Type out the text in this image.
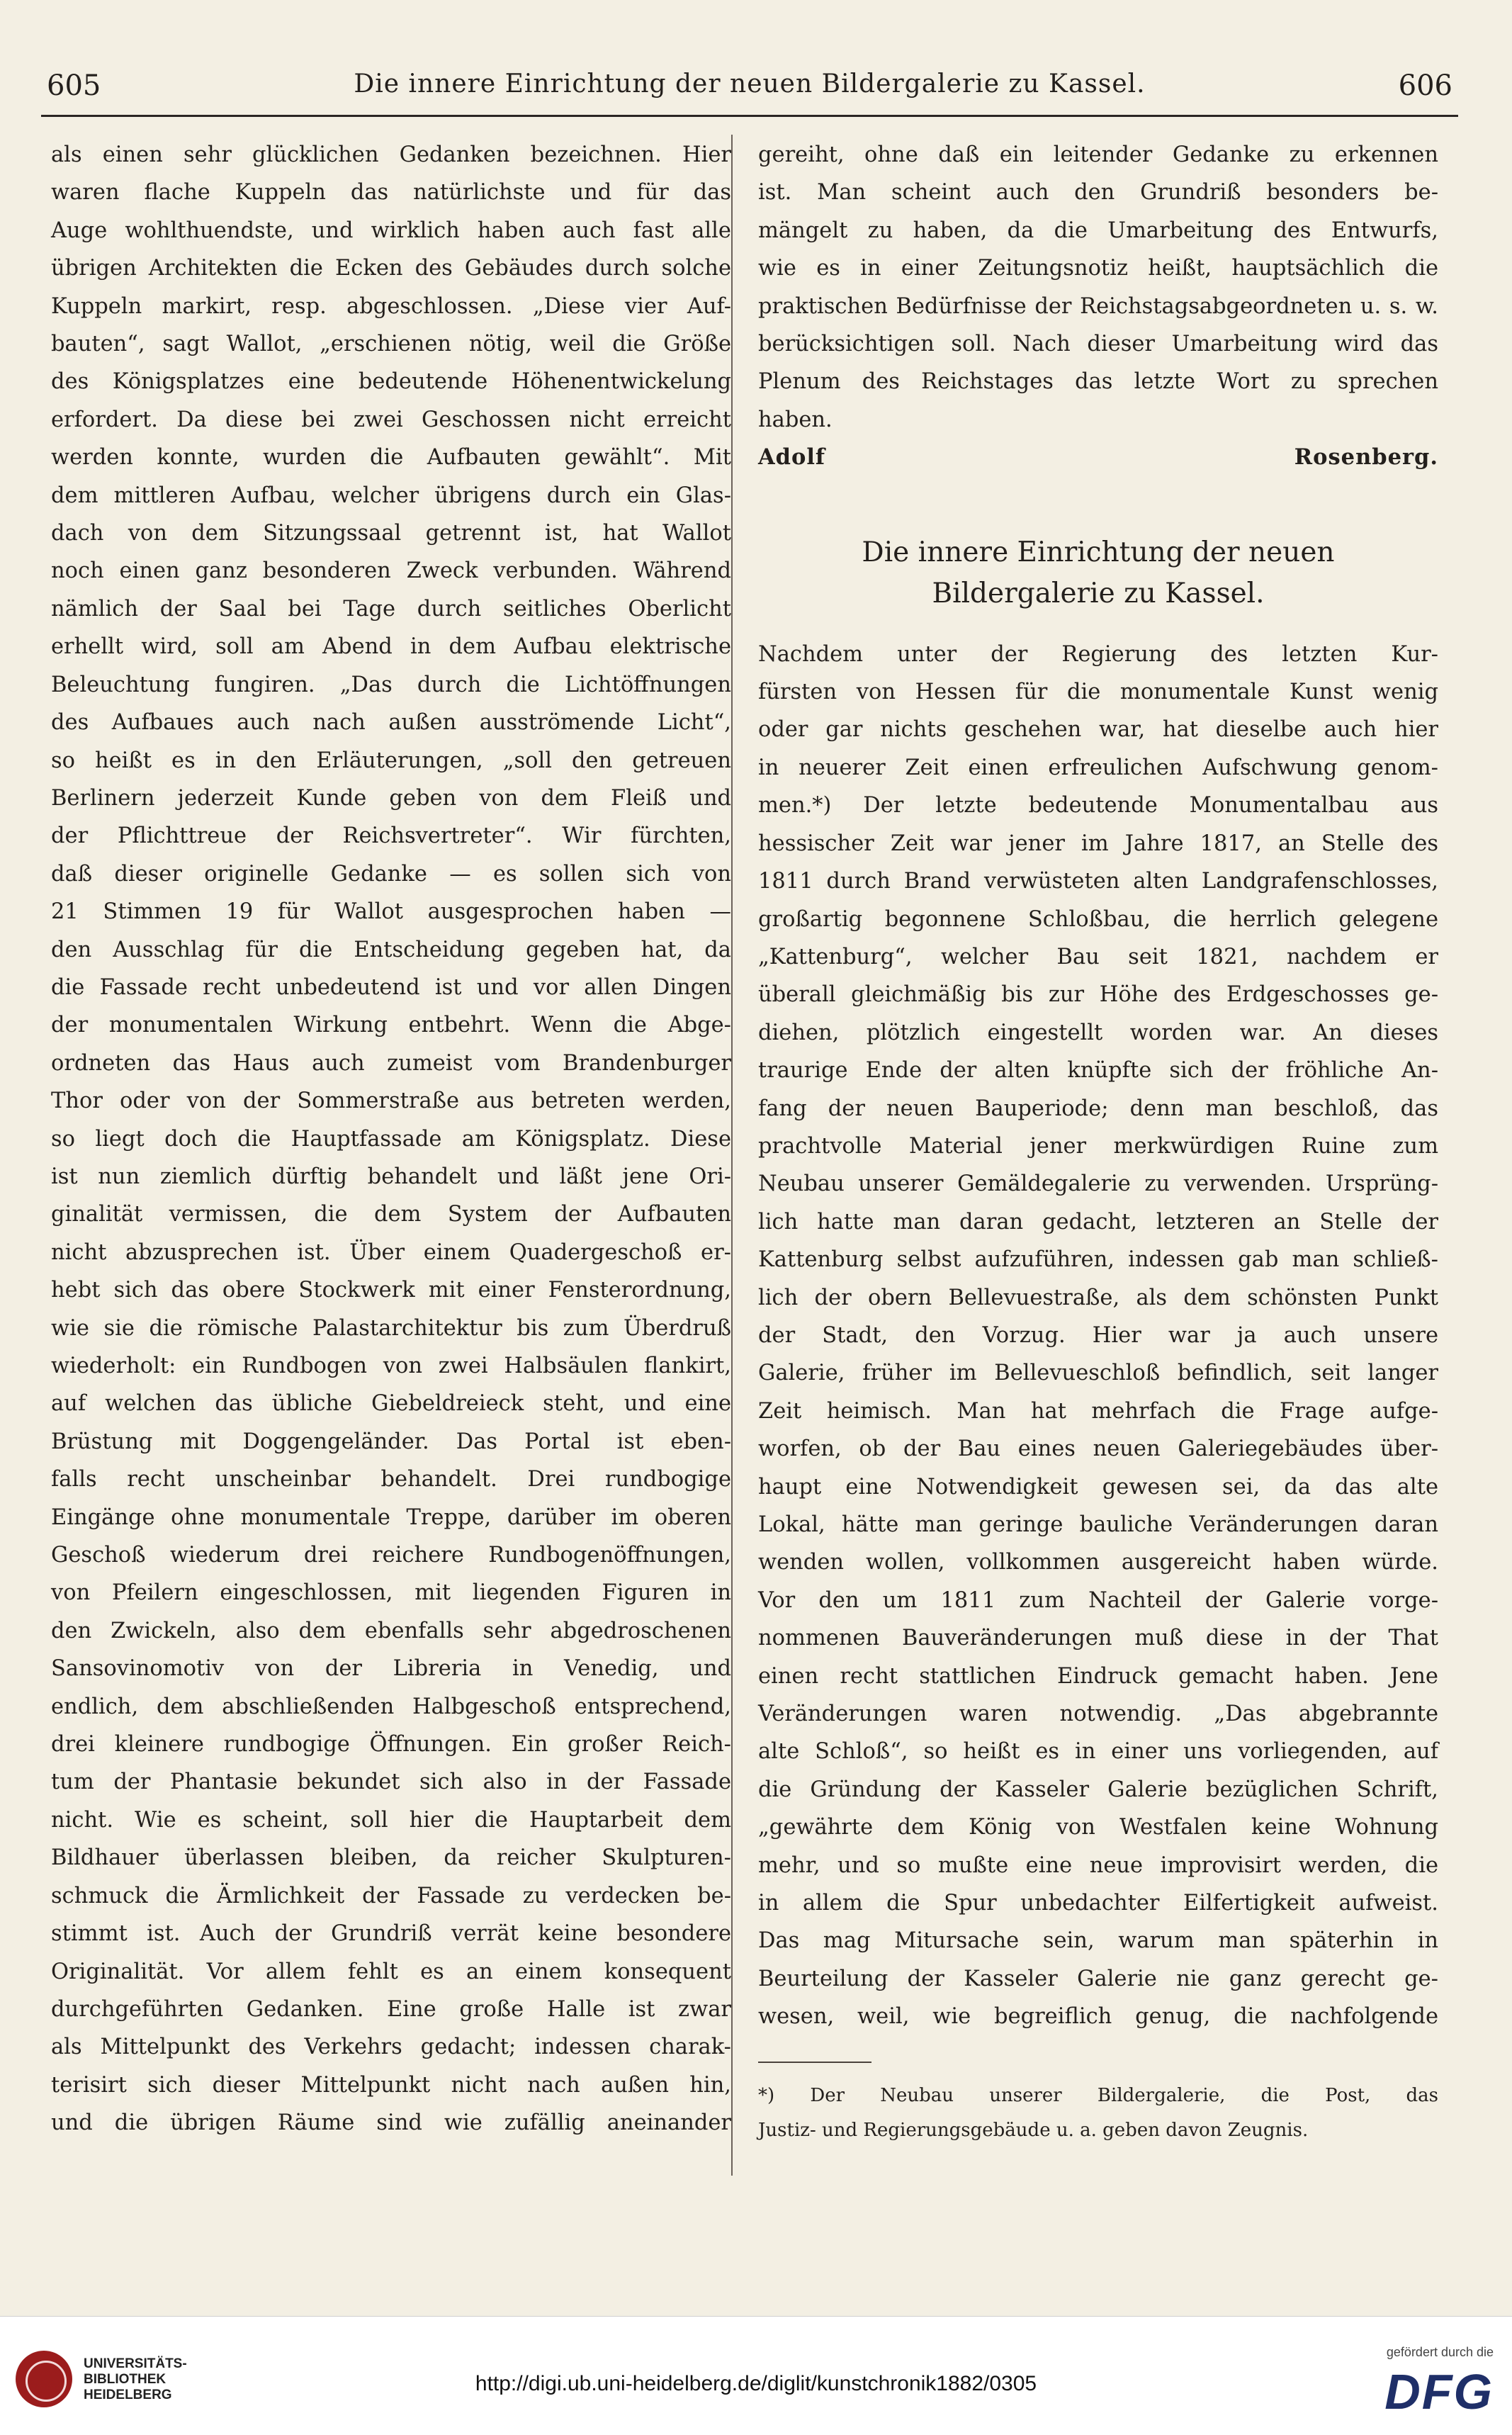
605	Die innere Einrichtung der neuen Bildergalerie zu Kassel.	606
als einen sehr glücklichen Gedanken bezeichnen. Hier
waren flache Kuppeln das natürlichste und für das
Auge wohlthuendste, und wirklich haben auch fast alle
übrigen Architekten die Ecken des Gebäudes durch solche
Kuppeln markirt, resp. abgeschlossen. „Diese vier Auf-
bauten“, sagt Wallot, „erschienen nötig, weil die Größe
des Königsplatzes eine bedeutende Höhenentwickelung
erfordert. Da diese bei zwei Geschossen nicht erreicht
werden konnte, wurden die Aufbauten gewählt“. Mit
dem mittleren Aufbau, welcher übrigens durch ein Glas-
dach von dem Sitzungssaal getrennt ist, hat Wallot
noch einen ganz besonderen Zweck verbunden. Während
nämlich der Saal bei Tage durch seitliches Oberlicht
erhellt wird, soll am Abend in dem Aufbau elektrische
Beleuchtung fungiren. „Das durch die Lichtöffnungen
des Aufbaues auch nach außen ausströmende Licht“,
so heißt es in den Erläuterungen, „soll den getreuen
Berlinern jederzeit Kunde geben von dem Fleiß und
der Pflichttreue der Reichsvertreter“. Wir fürchten,
daß dieser originelle Gedanke — es sollen sich von
21 Stimmen 19 für Wallot ausgesprochen haben —
den Ausschlag für die Entscheidung gegeben hat, da
die Fassade recht unbedeutend ist und vor allen Dingen
der monumentalen Wirkung entbehrt. Wenn die Abge-
ordneten das Haus auch zumeist vom Brandenburger
Thor oder von der Sommerstraße aus betreten werden,
so liegt doch die Hauptfassade am Königsplatz. Diese
ist nun ziemlich dürftig behandelt und läßt jene Ori-
ginalität vermissen, die dem System der Aufbauten
nicht abzusprechen ist. Über einem Quadergeschoß er-
hebt sich das obere Stockwerk mit einer Fensterordnung,
wie sie die römische Palastarchitektur bis zum Überdruß
wiederholt: ein Rundbogen von zwei Halbsäulen flankirt,
auf welchen das übliche Giebeldreieck steht, und eine
Brüstung mit Doggengeländer. Das Portal ist eben-
falls recht unscheinbar behandelt. Drei rundbogige
Eingänge ohne monumentale Treppe, darüber im oberen
Geschoß wiederum drei reichere Rundbogenöffnungen,
von Pfeilern eingeschlossen, mit liegenden Figuren in
den Zwickeln, also dem ebenfalls sehr abgedroschenen
Sansovinomotiv von der Libreria in Venedig, und
endlich, dem abschließenden Halbgeschoß entsprechend,
drei kleinere rundbogige Öffnungen. Ein großer Reich-
tum der Phantasie bekundet sich also in der Fassade
nicht. Wie es scheint, soll hier die Hauptarbeit dem
Bildhauer überlassen bleiben, da reicher Skulpturen-
schmuck die Ärmlichkeit der Fassade zu verdecken be-
stimmt ist. Auch der Grundriß verrät keine besondere
Originalität. Vor allem fehlt es an einem konsequent
durchgeführten Gedanken. Eine große Halle ist zwar
als Mittelpunkt des Verkehrs gedacht; indessen charak-
terisirt sich dieser Mittelpunkt nicht nach außen hin,
und die übrigen Räume sind wie zufällig aneinander
gereiht, ohne daß ein leitender Gedanke zu erkennen
ist. Man scheint auch den Grundriß besonders be-
mängelt zu haben, da die Umarbeitung des Entwurfs,
wie es in einer Zeitungsnotiz heißt, hauptsächlich die
praktischen Bedürfnisse der Reichstagsabgeordneten u. s. w.
berücksichtigen soll. Nach dieser Umarbeitung wird das
Plenum des Reichstages das letzte Wort zu sprechen
haben.
Adolf Rosenberg.
Die innere Einrichtung der neuen
Bildergalerie zu Kassel.
Nachdem unter der Regierung des letzten Kur-
fürsten von Hessen für die monumentale Kunst wenig
oder gar nichts geschehen war, hat dieselbe auch hier
in neuerer Zeit einen erfreulichen Aufschwung genom-
men.*) Der letzte bedeutende Monumentalbau aus
hessischer Zeit war jener im Jahre 1817, an Stelle des
1811 durch Brand verwüsteten alten Landgrafenschlosses,
großartig begonnene Schloßbau, die herrlich gelegene
„Kattenburg“, welcher Bau seit 1821, nachdem er
überall gleichmäßig bis zur Höhe des Erdgeschosses ge-
diehen, plötzlich eingestellt worden war. An dieses
traurige Ende der alten knüpfte sich der fröhliche An-
fang der neuen Bauperiode; denn man beschloß, das
prachtvolle Material jener merkwürdigen Ruine zum
Neubau unserer Gemäldegalerie zu verwenden. Ursprüng-
lich hatte man daran gedacht, letzteren an Stelle der
Kattenburg selbst aufzuführen, indessen gab man schließ-
lich der obern Bellevuestraße, als dem schönsten Punkt
der Stadt, den Vorzug. Hier war ja auch unsere
Galerie, früher im Bellevueschloß befindlich, seit langer
Zeit heimisch. Man hat mehrfach die Frage aufge-
worfen, ob der Bau eines neuen Galeriegebäudes über-
haupt eine Notwendigkeit gewesen sei, da das alte
Lokal, hätte man geringe bauliche Veränderungen daran
wenden wollen, vollkommen ausgereicht haben würde.
Vor den um 1811 zum Nachteil der Galerie vorge-
nommenen Bauveränderungen muß diese in der That
einen recht stattlichen Eindruck gemacht haben. Jene
Veränderungen waren notwendig. „Das abgebrannte
alte Schloß“, so heißt es in einer uns vorliegenden, auf
die Gründung der Kasseler Galerie bezüglichen Schrift,
„gewährte dem König von Westfalen keine Wohnung
mehr, und so mußte eine neue improvisirt werden, die
in allem die Spur unbedachter Eilfertigkeit aufweist.
Das mag Mitursache sein, warum man späterhin in
Beurteilung der Kasseler Galerie nie ganz gerecht ge-
wesen, weil, wie begreiflich genug, die nachfolgende
*) Der Neubau unserer Bildergalerie, die Post, das
Justiz- und Regierungsgebäude u. a. geben davon Zeugnis.
UNIVERSITÄTS-
BIBLIOTHEK
HEIDELBERG	http://digi.ub.uni-heidelberg.de/diglit/kunstchronik1882/0305
gefördert durch die
DFG
